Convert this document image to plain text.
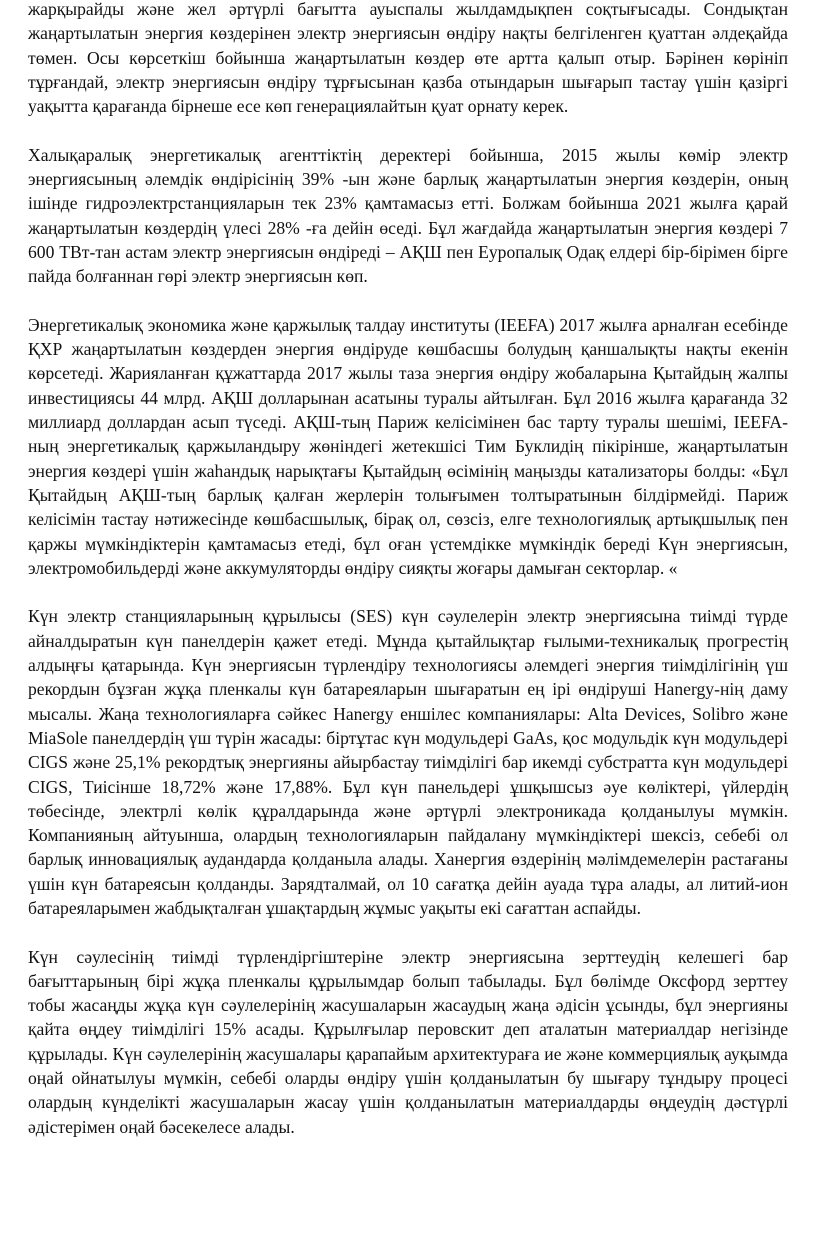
жарқырайды және жел әртүрлі бағытта ауыспалы жылдамдықпен соқтығысады. Сондықтан жаңартылатын энергия көздерінен электр энергиясын өндіру нақты белгіленген қуаттан әлдеқайда төмен. Осы көрсеткіш бойынша жаңартылатын көздер өте артта қалып отыр. Бәрінен көрініп тұрғандай, электр энергиясын өндіру тұрғысынан қазба отындарын шығарып тастау үшін қазіргі уақытта қарағанда бірнеше есе көп генерациялайтын қуат орнату керек.

Халықаралық энергетикалық агенттіктің деректері бойынша, 2015 жылы көмір электр энергиясының әлемдік өндірісінің 39% -ын және барлық жаңартылатын энергия көздерін, оның ішінде гидроэлектрстанцияларын тек 23% қамтамасыз етті. Болжам бойынша 2021 жылға қарай жаңартылатын көздердің үлесі 28% -ға дейін өседі. Бұл жағдайда жаңартылатын энергия көздері 7 600 ТВт-тан астам электр энергиясын өндіреді – АҚШ пен Еуропалық Одақ елдері бір-бірімен бірге пайда болғаннан гөрі электр энергиясын көп.

Энергетикалық экономика және қаржылық талдау институты (IEEFA) 2017 жылға арналған есебінде ҚХР жаңартылатын көздерден энергия өндіруде көшбасшы болудың қаншалықты нақты екенін көрсетеді. Жарияланған құжаттарда 2017 жылы таза энергия өндіру жобаларына Қытайдың жалпы инвестициясы 44 млрд. АҚШ долларынан асатыны туралы айтылған. Бұл 2016 жылға қарағанда 32 миллиард доллардан асып түседі. АҚШ-тың Париж келісімінен бас тарту туралы шешімі, IEEFA-ның энергетикалық қаржыландыру жөніндегі жетекшісі Тим Буклидің пікірінше, жаңартылатын энергия көздері үшін жаһандық нарықтағы Қытайдың өсімінің маңызды катализаторы болды: «Бұл Қытайдың АҚШ-тың барлық қалған жерлерін толығымен толтыратынын білдірмейді. Париж келісімін тастау нәтижесінде көшбасшылық, бірақ ол, сөзсіз, елге технологиялық артықшылық пен қаржы мүмкіндіктерін қамтамасыз етеді, бұл оған үстемдікке мүмкіндік береді Күн энергиясын, электромобильдерді және аккумуляторды өндіру сияқты жоғары дамыған секторлар. «

Күн электр станцияларының құрылысы (SES) күн сәулелерін электр энергиясына тиімді түрде айналдыратын күн панелдерін қажет етеді. Мұнда қытайлықтар ғылыми-техникалық прогрестің алдыңғы қатарында. Күн энергиясын түрлендіру технологиясы әлемдегі энергия тиімділігінің үш рекордын бұзған жұқа пленкалы күн батареяларын шығаратын ең ірі өндіруші Hanergy-нің даму мысалы. Жаңа технологияларға сәйкес Hanergy еншілес компаниялары: Alta Devices, Solibro және MiaSole панелдердің үш түрін жасады: біртұтас күн модульдері GaAs, қос модульдік күн модульдері CIGS және 25,1% рекордтық энергияны айырбастау тиімділігі бар икемді субстратта күн модульдері CIGS, Тиісінше 18,72% және 17,88%. Бұл күн панельдері ұшқышсыз әуе көліктері, үйлердің төбесінде, электрлі көлік құралдарында және әртүрлі электроникада қолданылуы мүмкін. Компанияның айтуынша, олардың технологияларын пайдалану мүмкіндіктері шексіз, себебі ол барлық инновациялық аудандарда қолданыла алады. Ханергия өздерінің мәлімдемелерін растағаны үшін күн батареясын қолданды. Зарядталмай, ол 10 сағатқа дейін ауада тұра алады, ал литий-ион батареяларымен жабдықталған ұшақтардың жұмыс уақыты екі сағаттан аспайды.

Күн сәулесінің тиімді түрлендіргіштеріне электр энергиясына зерттеудің келешегі бар бағыттарының бірі жұқа пленкалы құрылымдар болып табылады. Бұл бөлімде Оксфорд зерттеу тобы жасаңды жұқа күн сәулелерінің жасушаларын жасаудың жаңа әдісін ұсынды, бұл энергияны қайта өңдеу тиімділігі 15% асады. Құрылғылар перовскит деп аталатын материалдар негізінде құрылады. Күн сәулелерінің жасушалары қарапайым архитектураға ие және коммерциялық ауқымда оңай ойнатылуы мүмкін, себебі оларды өндіру үшін қолданылатын бу шығару тұндыру процесі олардың күнделікті жасушаларын жасау үшін қолданылатын материалдарды өңдеудің дәстүрлі әдістерімен оңай бәсекелесе алады.
